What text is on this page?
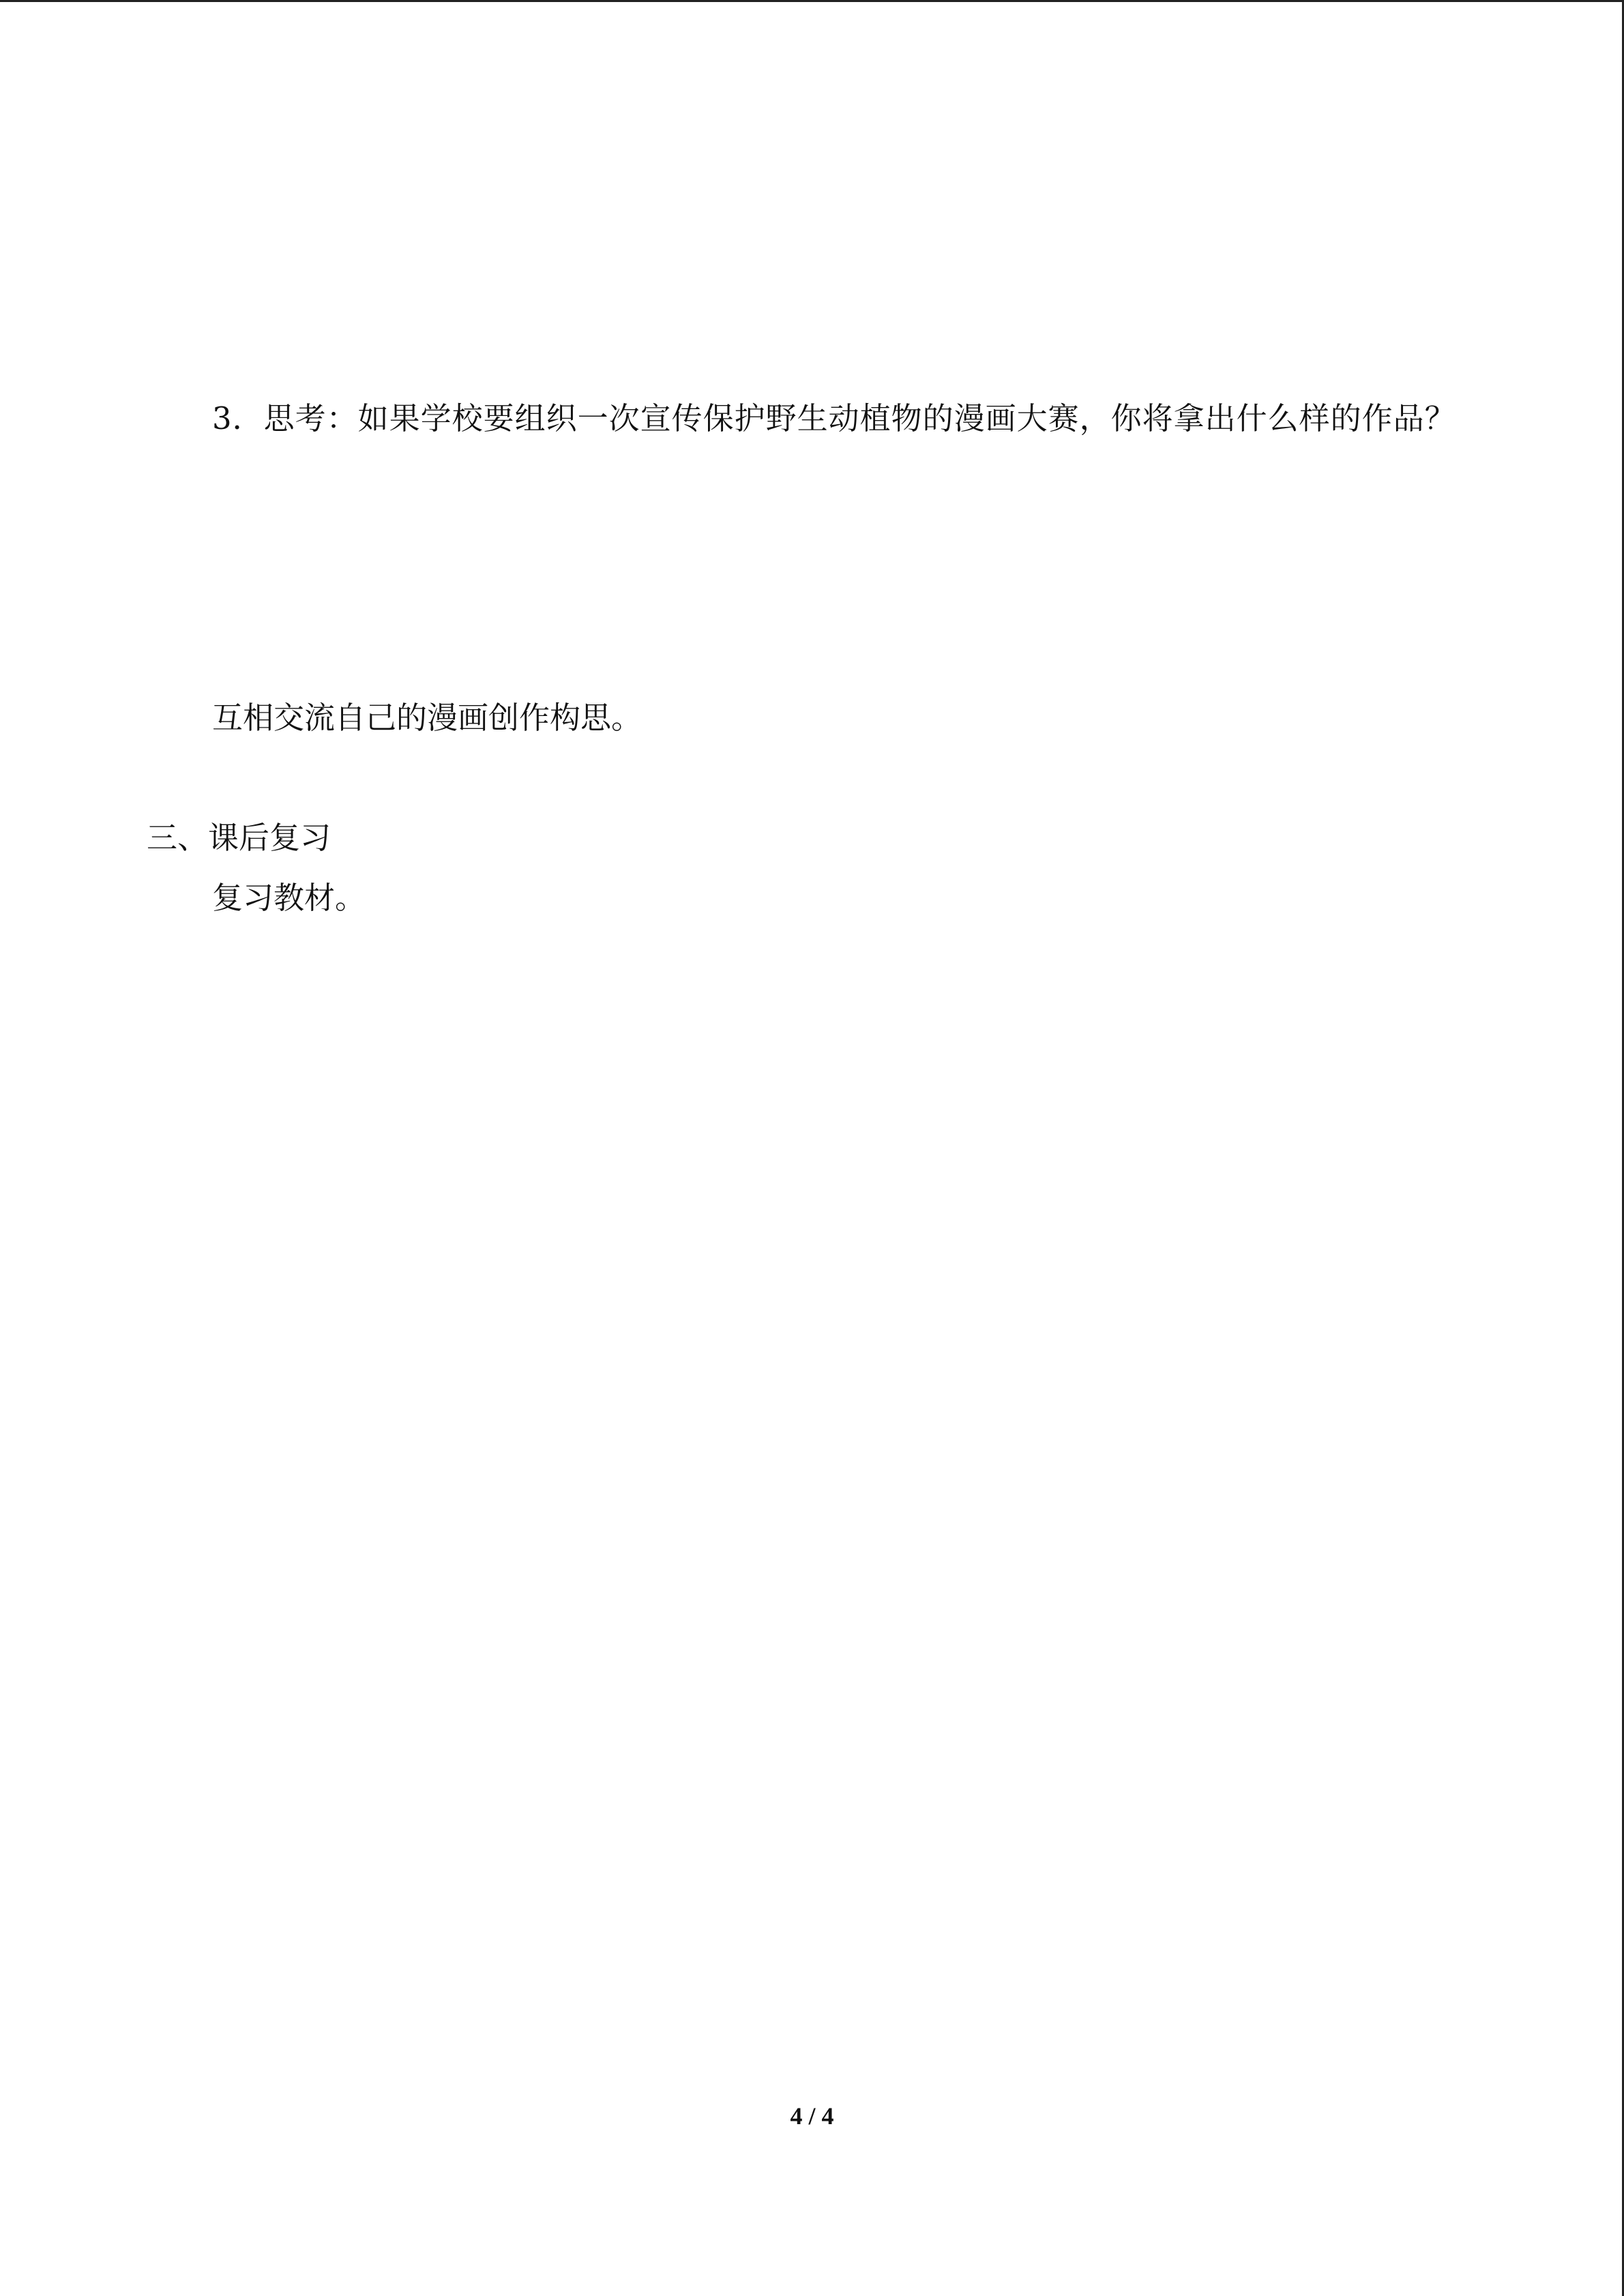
3．思考：如果学校要组织一次宣传保护野生动植物的漫画大赛，你将拿出什么样的作品？

互相交流自己的漫画创作构思。

三、课后复习

复习教材。

4 / 4
